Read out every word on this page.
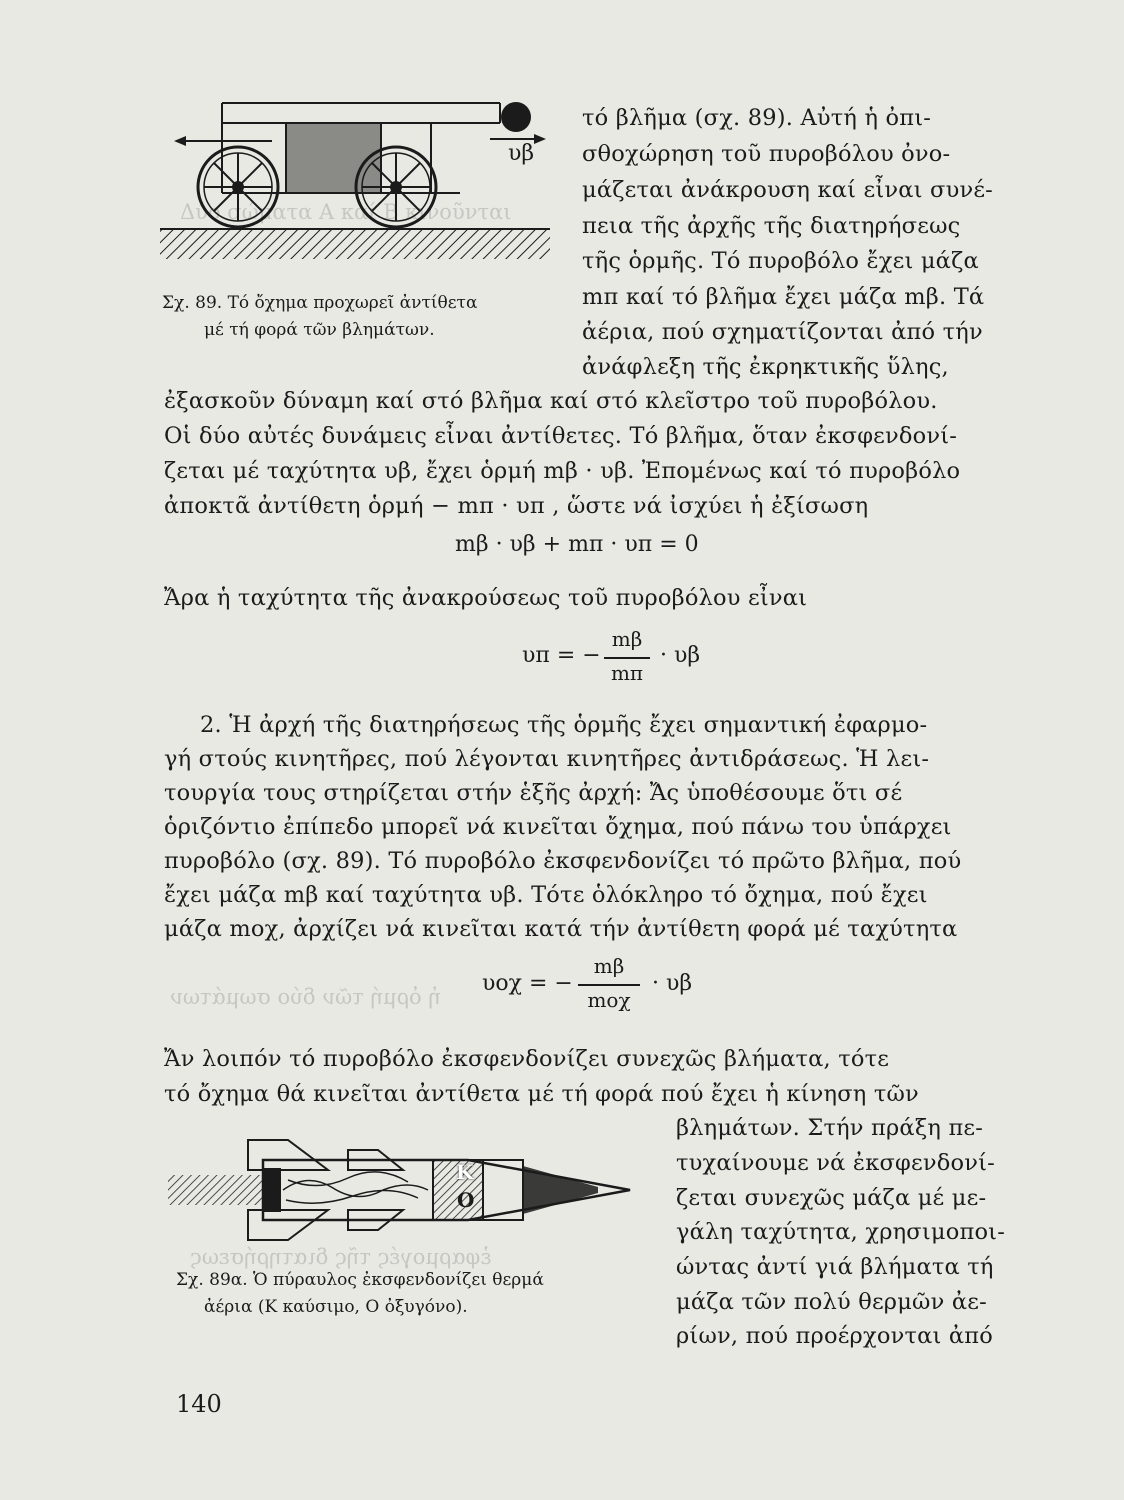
Δύο σώματα Α καί Β κινοῦνται
ἡ ὁρμή τῶν δύο σωμάτων
ἐφαρμογές τῆς διατηρήσεως
υβ
Σχ. 89. Τό ὄχημα προχωρεῖ ἀντίθετα
μέ τή φορά τῶν βλημάτων.
τό βλῆμα (σχ. 89). Αὐτή ἡ ὀπι-
σθοχώρηση τοῦ πυροβόλου ὀνο-
μάζεται ἀνάκρουση καί εἶναι συνέ-
πεια τῆς ἀρχῆς τῆς διατηρήσεως
τῆς ὁρμῆς. Τό πυροβόλο ἔχει μάζα
mπ καί τό βλῆμα ἔχει μάζα mβ. Τά
ἀέρια, πού σχηματίζονται ἀπό τήν
ἀνάφλεξη τῆς ἐκρηκτικῆς ὕλης,
ἐξασκοῦν δύναμη καί στό βλῆμα καί στό κλεῖστρο τοῦ πυροβόλου.
Οἱ δύο αὐτές δυνάμεις εἶναι ἀντίθετες. Τό βλῆμα, ὅταν ἐκσφενδονί-
ζεται μέ ταχύτητα υβ, ἔχει ὁρμή mβ · υβ. Ἐπομένως καί τό πυροβόλο
ἀποκτᾶ ἀντίθετη ὁρμή − mπ · υπ , ὥστε νά ἰσχύει ἡ ἐξίσωση
mβ · υβ + mπ · υπ = 0
Ἄρα ἡ ταχύτητα τῆς ἀνακρούσεως τοῦ πυροβόλου εἶναι
υπ = −
mβ
mπ
· υβ
2. Ἡ ἀρχή τῆς διατηρήσεως τῆς ὁρμῆς ἔχει σημαντική ἐφαρμο-
γή στούς κινητῆρες, πού λέγονται κινητῆρες ἀντιδράσεως. Ἡ λει-
τουργία τους στηρίζεται στήν ἑξῆς ἀρχή: Ἄς ὑποθέσουμε ὅτι σέ
ὁριζόντιο ἐπίπεδο μπορεῖ νά κινεῖται ὄχημα, πού πάνω του ὑπάρχει
πυροβόλο (σχ. 89). Τό πυροβόλο ἐκσφενδονίζει τό πρῶτο βλῆμα, πού
ἔχει μάζα mβ καί ταχύτητα υβ. Τότε ὁλόκληρο τό ὄχημα, πού ἔχει
μάζα mοχ, ἀρχίζει νά κινεῖται κατά τήν ἀντίθετη φορά μέ ταχύτητα
υοχ = −
mβ
mοχ
· υβ
Ἄν λοιπόν τό πυροβόλο ἐκσφενδονίζει συνεχῶς βλήματα, τότε
τό ὄχημα θά κινεῖται ἀντίθετα μέ τή φορά πού ἔχει ἡ κίνηση τῶν
Κ
Ο
Σχ. 89α. Ὁ πύραυλος ἐκσφενδονίζει θερμά
ἀέρια (Κ καύσιμο, Ο ὀξυγόνο).
βλημάτων. Στήν πράξη πε-
τυχαίνουμε νά ἐκσφενδονί-
ζεται συνεχῶς μάζα μέ με-
γάλη ταχύτητα, χρησιμοποι-
ώντας ἀντί γιά βλήματα τή
μάζα τῶν πολύ θερμῶν ἀε-
ρίων, πού προέρχονται ἀπό
140
